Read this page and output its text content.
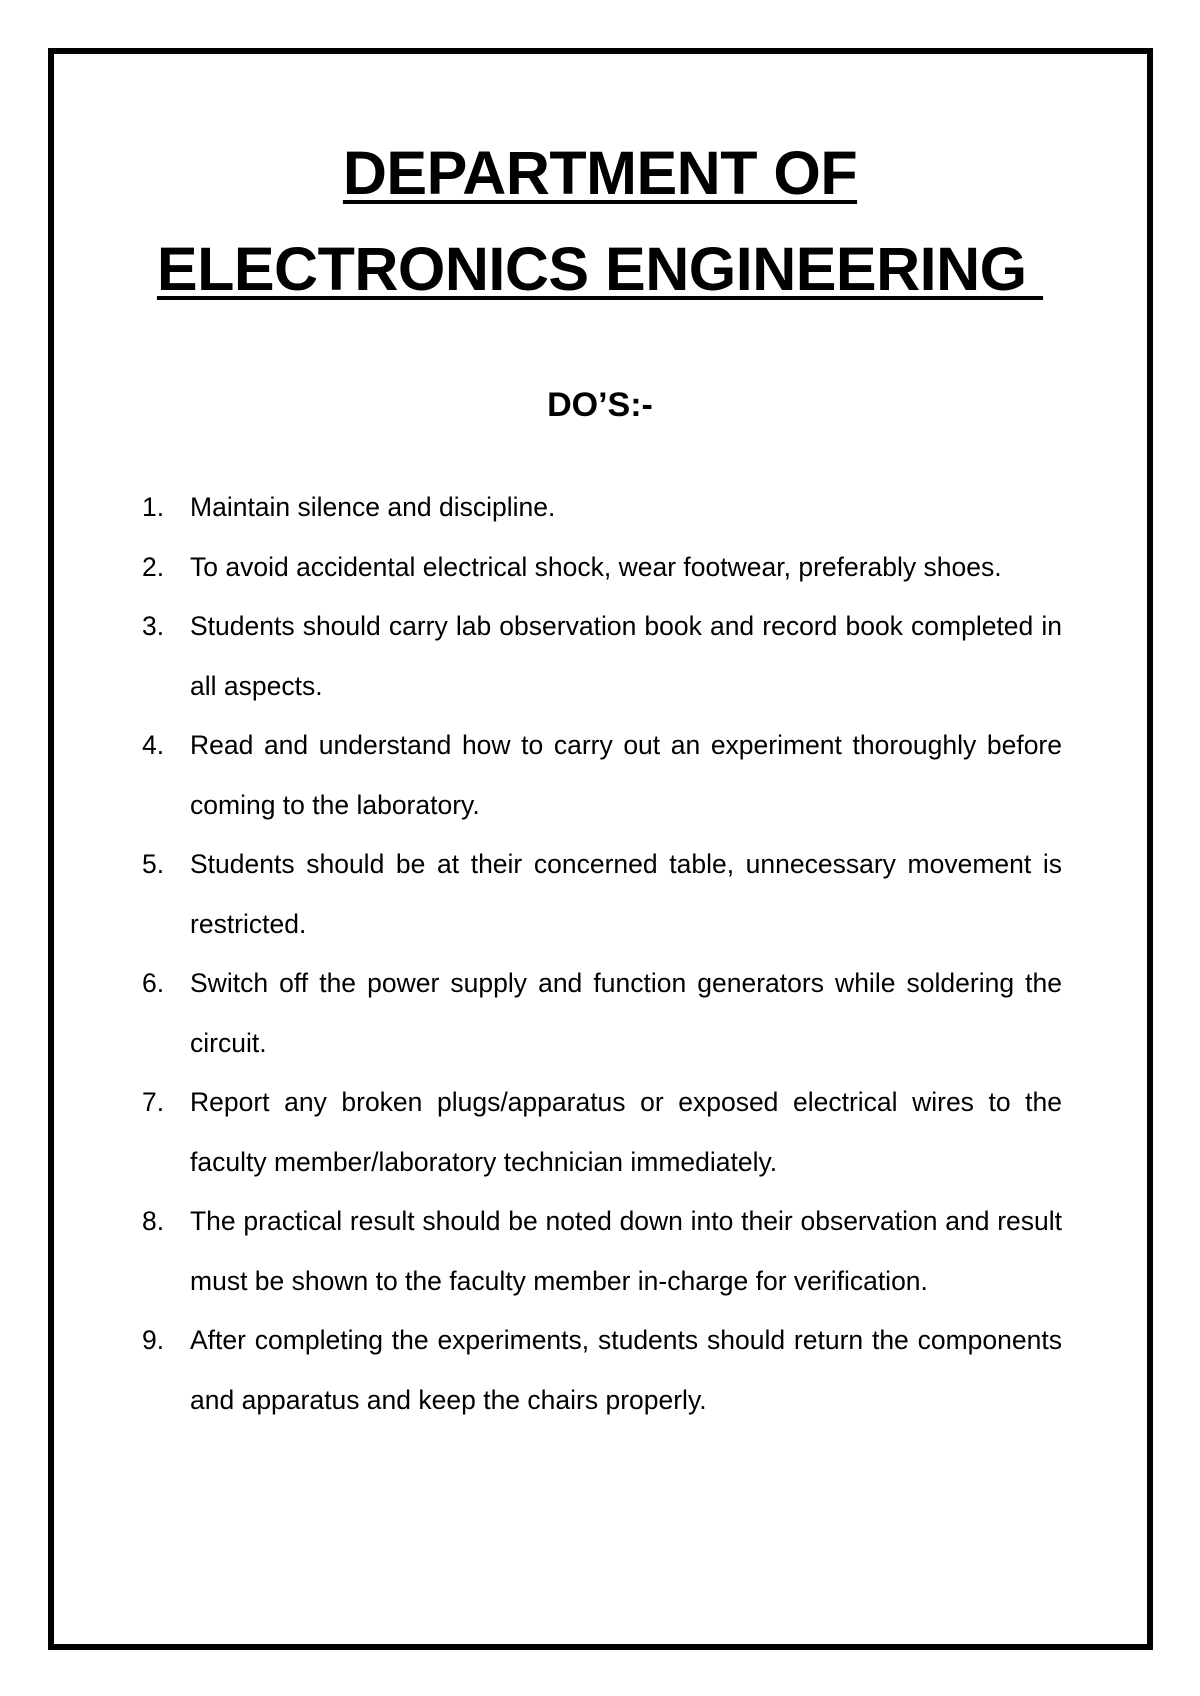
DEPARTMENT OF
ELECTRONICS ENGINEERING
DO’S:-
1. Maintain silence and discipline.
2. To avoid accidental electrical shock, wear footwear, preferably shoes.
3. Students should carry lab observation book and record book completed in all aspects.
4. Read and understand how to carry out an experiment thoroughly before coming to the laboratory.
5. Students should be at their concerned table, unnecessary movement is restricted.
6. Switch off the power supply and function generators while soldering the circuit.
7. Report any broken plugs/apparatus or exposed electrical wires to the faculty member/laboratory technician immediately.
8. The practical result should be noted down into their observation and result must be shown to the faculty member in-charge for verification.
9. After completing the experiments, students should return the components and apparatus and keep the chairs properly.
